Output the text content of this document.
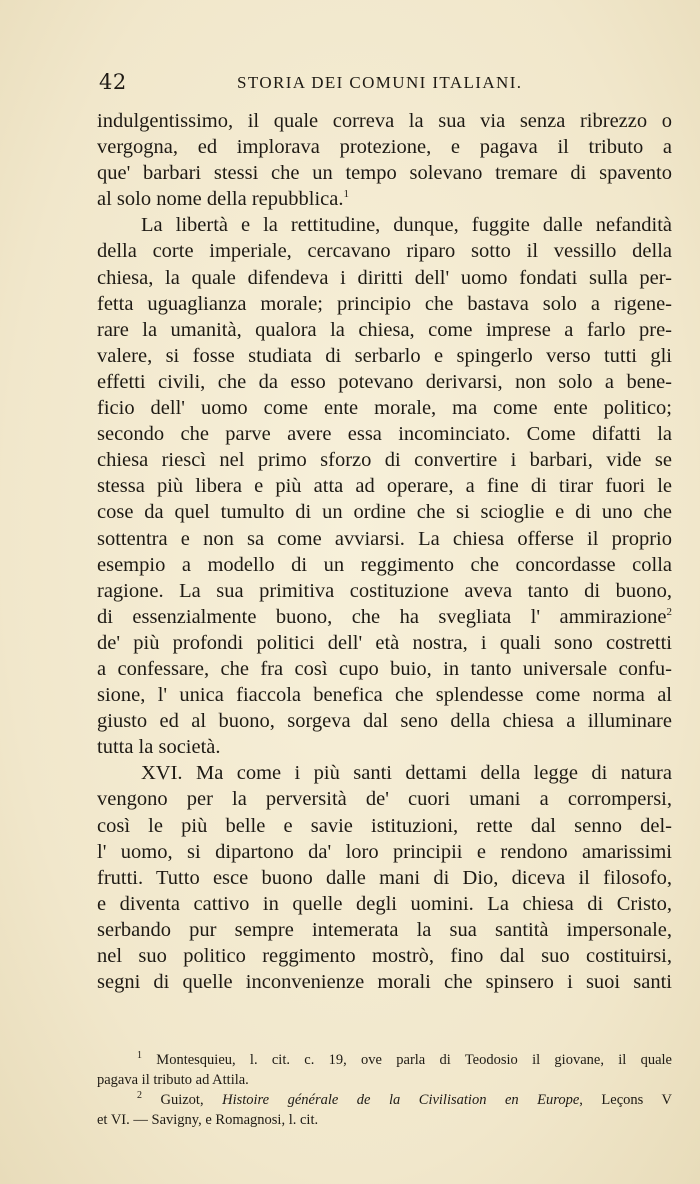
42	STORIA DEI COMUNI ITALIANI.
indulgentissimo, il quale correva la sua via senza ribrezzo o
vergogna, ed implorava protezione, e pagava il tributo a
que' barbari stessi che un tempo solevano tremare di spavento
al solo nome della repubblica.$^1$
La libertà e la rettitudine, dunque, fuggite dalle nefandità
della corte imperiale, cercavano riparo sotto il vessillo della
chiesa, la quale difendeva i diritti dell' uomo fondati sulla per-
fetta uguaglianza morale; principio che bastava solo a rigene-
rare la umanità, qualora la chiesa, come imprese a farlo pre-
valere, si fosse studiata di serbarlo e spingerlo verso tutti gli
effetti civili, che da esso potevano derivarsi, non solo a bene-
ficio dell' uomo come ente morale, ma come ente politico;
secondo che parve avere essa incominciato. Come difatti la
chiesa riescì nel primo sforzo di convertire i barbari, vide se
stessa più libera e più atta ad operare, a fine di tirar fuori le
cose da quel tumulto di un ordine che si scioglie e di uno che
sottentra e non sa come avviarsi. La chiesa offerse il proprio
esempio a modello di un reggimento che concordasse colla
ragione. La sua primitiva costituzione aveva tanto di buono,
di essenzialmente buono, che ha svegliata l' ammirazione$^2$
de' più profondi politici dell' età nostra, i quali sono costretti
a confessare, che fra così cupo buio, in tanto universale confu-
sione, l' unica fiaccola benefica che splendesse come norma al
giusto ed al buono, sorgeva dal seno della chiesa a illuminare
tutta la società.
XVI. Ma come i più santi dettami della legge di natura
vengono per la perversità de' cuori umani a corrompersi,
così le più belle e savie istituzioni, rette dal senno del-
l' uomo, si dipartono da' loro principii e rendono amarissimi
frutti. Tutto esce buono dalle mani di Dio, diceva il filosofo,
e diventa cattivo in quelle degli uomini. La chiesa di Cristo,
serbando pur sempre intemerata la sua santità impersonale,
nel suo politico reggimento mostrò, fino dal suo costituirsi,
segni di quelle inconvenienze morali che spinsero i suoi santi
$^1$ Montesquieu, l. cit. c. 19, ove parla di Teodosio il giovane, il quale
pagava il tributo ad Attila.
$^2$ Guizot, Histoire générale de la Civilisation en Europe, Leçons V
et VI. — Savigny, e Romagnosi, l. cit.
